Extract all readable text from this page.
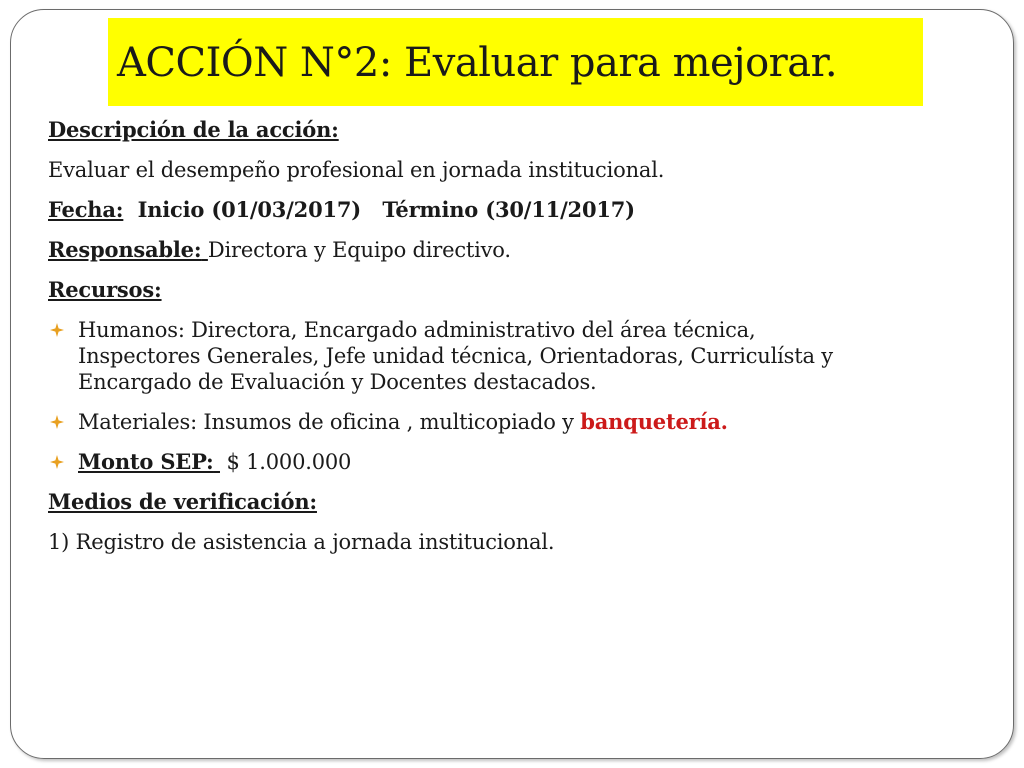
ACCIÓN N°2: Evaluar para mejorar.
Descripción de la acción:
Evaluar el desempeño profesional en jornada institucional.
Fecha: Inicio (01/03/2017) Término (30/11/2017)
Responsable: Directora y Equipo directivo.
Recursos:
Humanos: Directora, Encargado administrativo del área técnica,
Inspectores Generales, Jefe unidad técnica, Orientadoras, Curriculísta y
Encargado de Evaluación y Docentes destacados.
Materiales: Insumos de oficina , multicopiado y banquetería.
Monto SEP: $ 1.000.000
Medios de verificación:
1) Registro de asistencia a jornada institucional.
